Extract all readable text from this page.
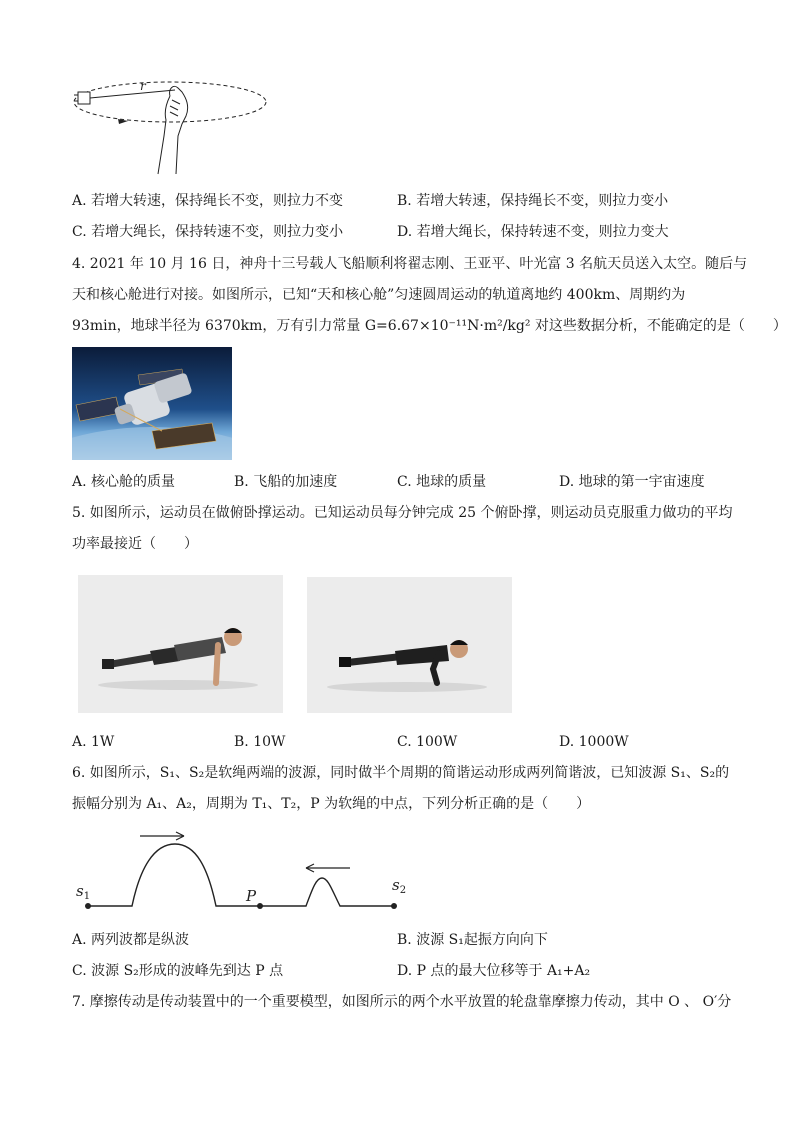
r
A. 若增大转速，保持绳长不变，则拉力不变	B. 若增大转速，保持绳长不变，则拉力变小
C. 若增大绳长，保持转速不变，则拉力变小	D. 若增大绳长，保持转速不变，则拉力变大
4. 2021 年 10 月 16 日，神舟十三号载人飞船顺利将翟志刚、王亚平、叶光富 3 名航天员送入太空。随后与
天和核心舱进行对接。如图所示，已知“天和核心舱”匀速圆周运动的轨道离地约 400km、周期约为
93min，地球半径为 6370km，万有引力常量 G=6.67×10⁻¹¹N·m²/kg² 对这些数据分析，不能确定的是（　　）
A. 核心舱的质量	B. 飞船的加速度	C. 地球的质量	D. 地球的第一宇宙速度
5. 如图所示，运动员在做俯卧撑运动。已知运动员每分钟完成 25 个俯卧撑，则运动员克服重力做功的平均
功率最接近（　　）
A. 1W	B. 10W	C. 100W	D. 1000W
6. 如图所示，S₁、S₂是软绳两端的波源，同时做半个周期的简谐运动形成两列简谐波，已知波源 S₁、S₂的
振幅分别为 A₁、A₂，周期为 T₁、T₂，P 为软绳的中点，下列分析正确的是（　　）
$s_1$	P
$s_2$
A. 两列波都是纵波	B. 波源 S₁起振方向向下
C. 波源 S₂形成的波峰先到达 P 点	D. P 点的最大位移等于 A₁+A₂
7. 摩擦传动是传动装置中的一个重要模型，如图所示的两个水平放置的轮盘靠摩擦力传动，其中 O 、 O′分
